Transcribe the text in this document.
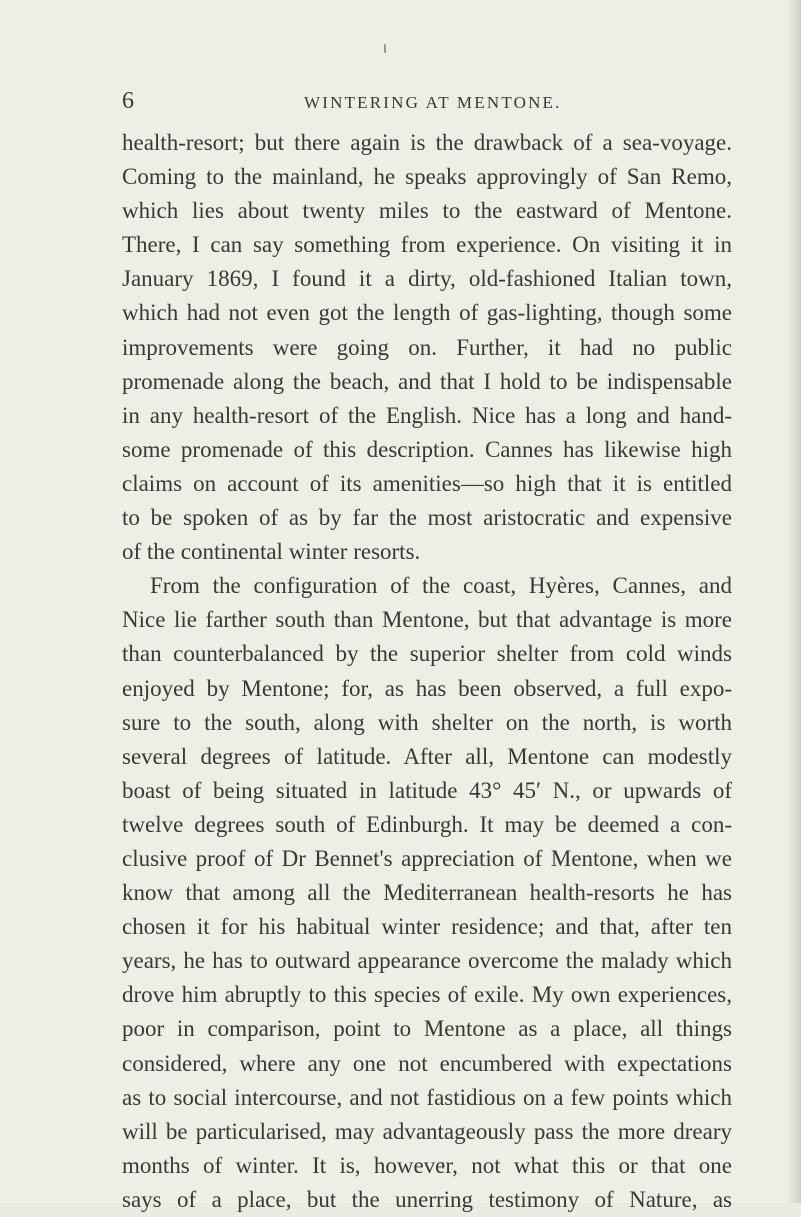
6	WINTERING AT MENTONE.
health-resort; but there again is the drawback of a sea-voyage.
Coming to the mainland, he speaks approvingly of San Remo,
which lies about twenty miles to the eastward of Mentone.
There, I can say something from experience. On visiting it in
January 1869, I found it a dirty, old-fashioned Italian town,
which had not even got the length of gas-lighting, though some
improvements were going on. Further, it had no public
promenade along the beach, and that I hold to be indispensable
in any health-resort of the English. Nice has a long and hand-
some promenade of this description. Cannes has likewise high
claims on account of its amenities—so high that it is entitled
to be spoken of as by far the most aristocratic and expensive
of the continental winter resorts.
From the configuration of the coast, Hyères, Cannes, and
Nice lie farther south than Mentone, but that advantage is more
than counterbalanced by the superior shelter from cold winds
enjoyed by Mentone; for, as has been observed, a full expo-
sure to the south, along with shelter on the north, is worth
several degrees of latitude. After all, Mentone can modestly
boast of being situated in latitude 43° 45′ N., or upwards of
twelve degrees south of Edinburgh. It may be deemed a con-
clusive proof of Dr Bennet's appreciation of Mentone, when we
know that among all the Mediterranean health-resorts he has
chosen it for his habitual winter residence; and that, after ten
years, he has to outward appearance overcome the malady which
drove him abruptly to this species of exile. My own experiences,
poor in comparison, point to Mentone as a place, all things
considered, where any one not encumbered with expectations
as to social intercourse, and not fastidious on a few points which
will be particularised, may advantageously pass the more dreary
months of winter. It is, however, not what this or that one
says of a place, but the unerring testimony of Nature, as
